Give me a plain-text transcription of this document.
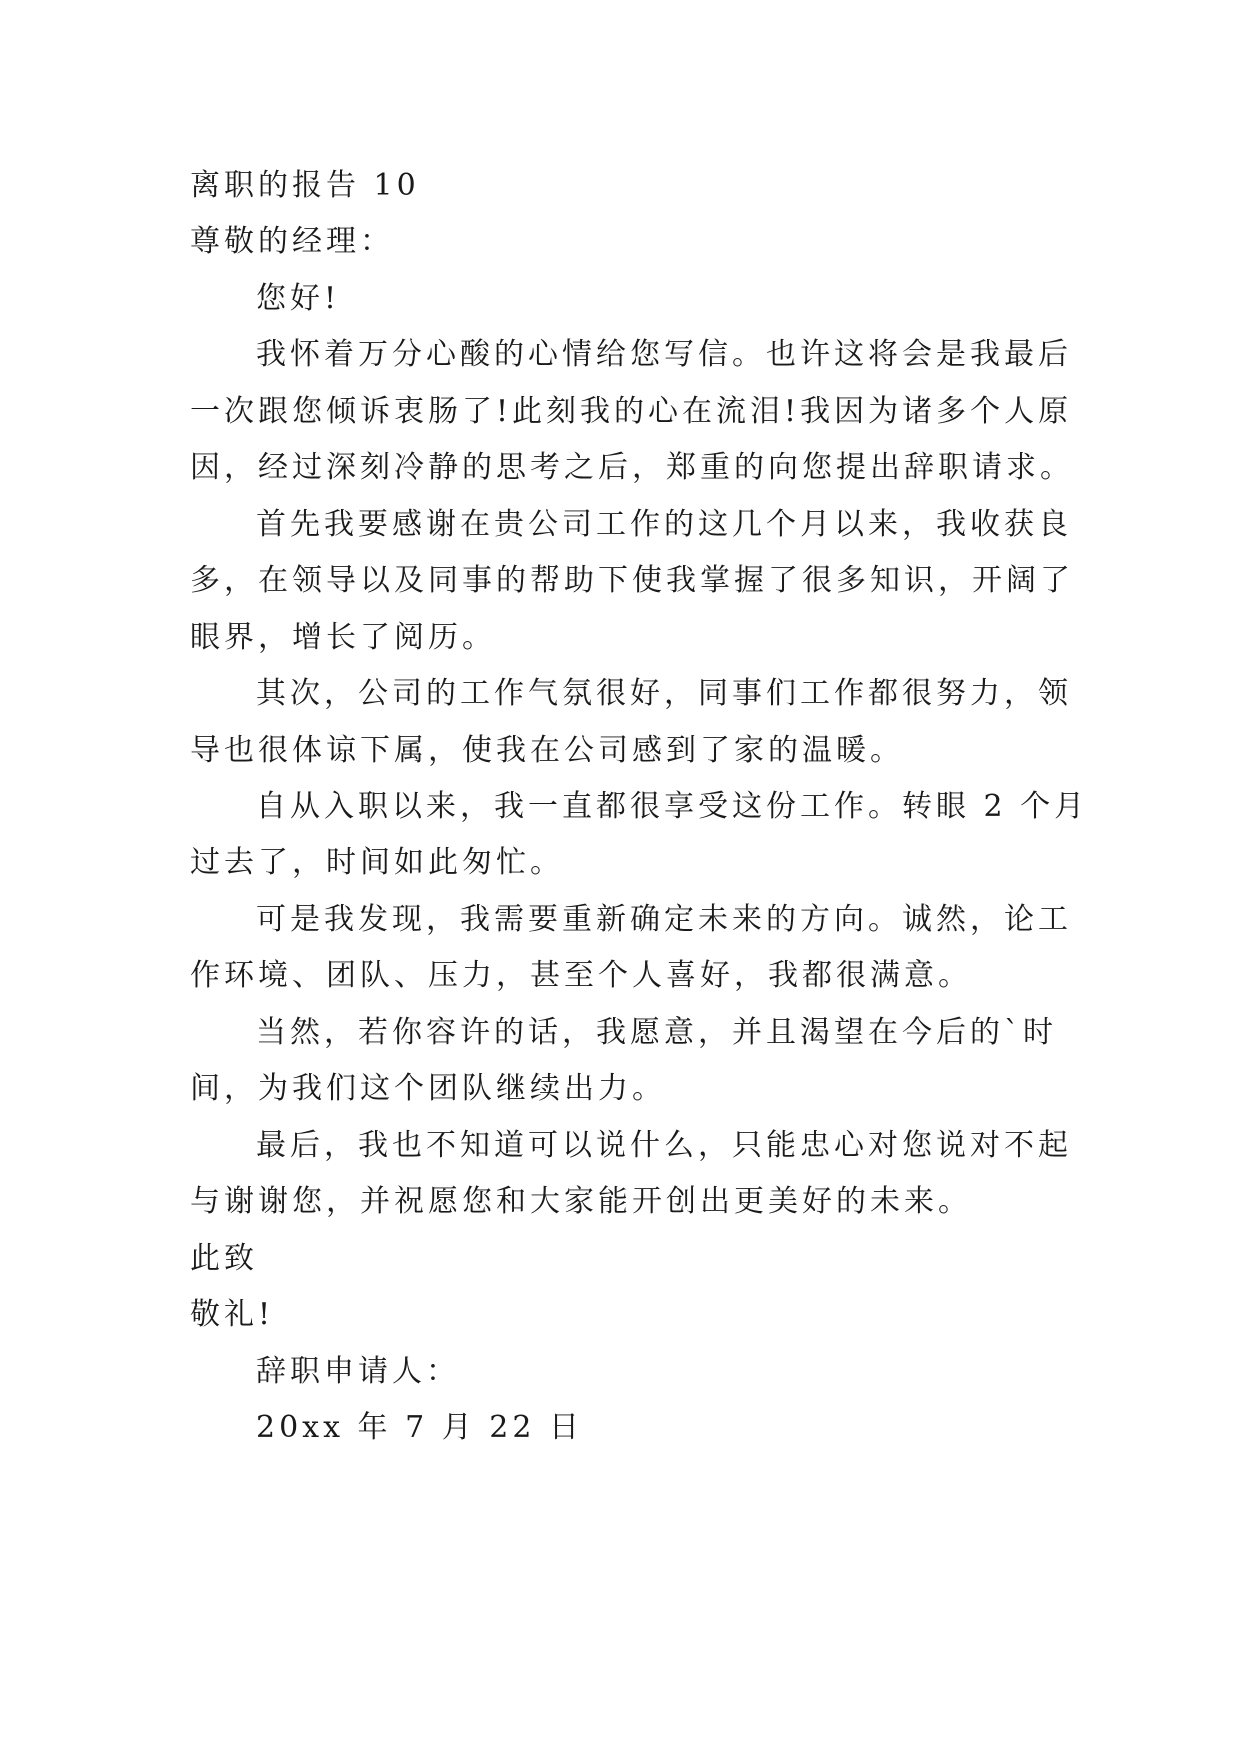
离职的报告 10
尊敬的经理：
您好!
我怀着万分心酸的心情给您写信。也许这将会是我最后
一次跟您倾诉衷肠了!此刻我的心在流泪!我因为诸多个人原
因，经过深刻冷静的思考之后，郑重的向您提出辞职请求。
首先我要感谢在贵公司工作的这几个月以来，我收获良
多，在领导以及同事的帮助下使我掌握了很多知识，开阔了
眼界，增长了阅历。
其次，公司的工作气氛很好，同事们工作都很努力，领
导也很体谅下属，使我在公司感到了家的温暖。
自从入职以来，我一直都很享受这份工作。转眼 2 个月
过去了，时间如此匆忙。
可是我发现，我需要重新确定未来的方向。诚然，论工
作环境、团队、压力，甚至个人喜好，我都很满意。
当然，若你容许的话，我愿意，并且渴望在今后的`时
间，为我们这个团队继续出力。
最后，我也不知道可以说什么，只能忠心对您说对不起
与谢谢您，并祝愿您和大家能开创出更美好的未来。
此致
敬礼!
辞职申请人：
20xx 年 7 月 22 日
